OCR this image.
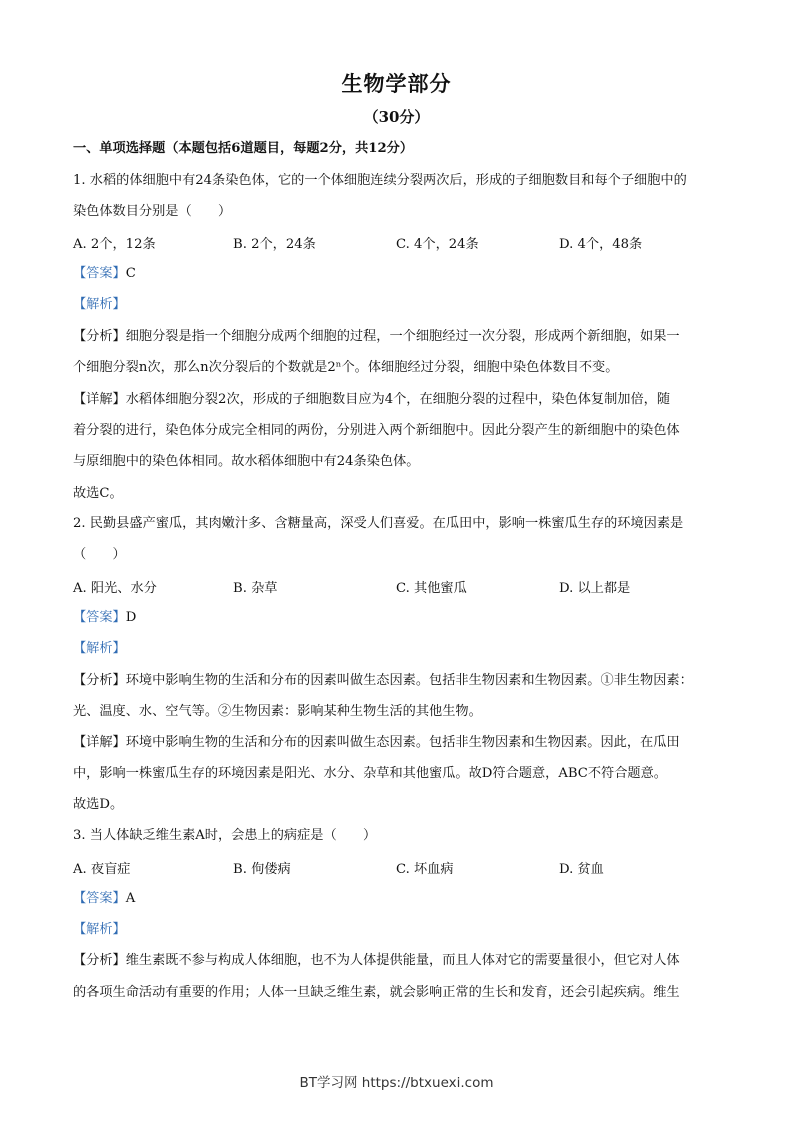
生物学部分
（30分）
一、单项选择题（本题包括6道题目，每题2分，共12分）
1. 水稻的体细胞中有24条染色体，它的一个体细胞连续分裂两次后，形成的子细胞数目和每个子细胞中的
染色体数目分别是（　　）
A. 2个，12条	B. 2个，24条	C. 4个，24条	D. 4个，48条
【答案】C
【解析】
【分析】细胞分裂是指一个细胞分成两个细胞的过程，一个细胞经过一次分裂，形成两个新细胞，如果一
个细胞分裂n次，那么n次分裂后的个数就是2ⁿ个。体细胞经过分裂，细胞中染色体数目不变。
【详解】水稻体细胞分裂2次，形成的子细胞数目应为4个，在细胞分裂的过程中，染色体复制加倍，随
着分裂的进行，染色体分成完全相同的两份，分别进入两个新细胞中。因此分裂产生的新细胞中的染色体
与原细胞中的染色体相同。故水稻体细胞中有24条染色体。
故选C。
2. 民勤县盛产蜜瓜，其肉嫩汁多、含糖量高，深受人们喜爱。在瓜田中，影响一株蜜瓜生存的环境因素是
（　　）
A. 阳光、水分	B. 杂草	C. 其他蜜瓜	D. 以上都是
【答案】D
【解析】
【分析】环境中影响生物的生活和分布的因素叫做生态因素。包括非生物因素和生物因素。①非生物因素：
光、温度、水、空气等。②生物因素：影响某种生物生活的其他生物。
【详解】环境中影响生物的生活和分布的因素叫做生态因素。包括非生物因素和生物因素。因此，在瓜田
中，影响一株蜜瓜生存的环境因素是阳光、水分、杂草和其他蜜瓜。故D符合题意，ABC不符合题意。
故选D。
3. 当人体缺乏维生素A时，会患上的病症是（　　）
A. 夜盲症	B. 佝偻病	C. 坏血病	D. 贫血
【答案】A
【解析】
【分析】维生素既不参与构成人体细胞，也不为人体提供能量，而且人体对它的需要量很小，但它对人体
的各项生命活动有重要的作用；人体一旦缺乏维生素，就会影响正常的生长和发育，还会引起疾病。维生
BT学习网 https://btxuexi.com
